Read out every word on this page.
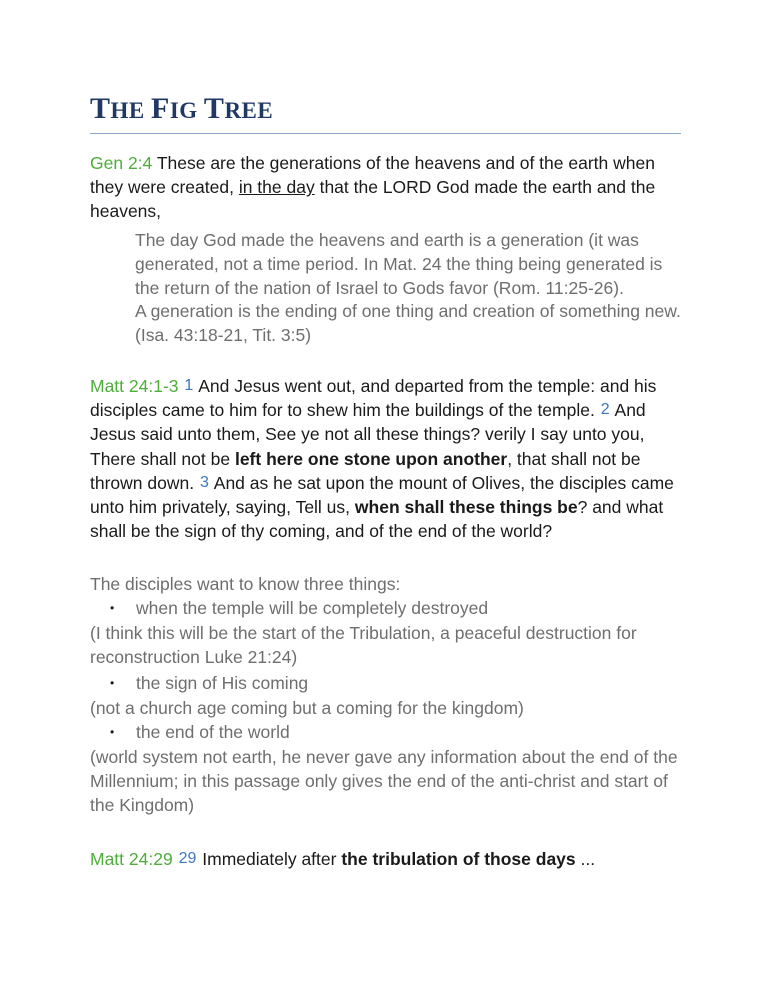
THE FIG TREE

Gen 2:4 These are the generations of the heavens and of the earth when they were created, in the day that the LORD God made the earth and the heavens,

The day God made the heavens and earth is a generation (it was generated, not a time period. In Mat. 24 the thing being generated is the return of the nation of Israel to Gods favor (Rom. 11:25-26).

A generation is the ending of one thing and creation of something new. (Isa. 43:18-21, Tit. 3:5)

Matt 24:1-3 1 And Jesus went out, and departed from the temple: and his disciples came to him for to shew him the buildings of the temple. 2 And Jesus said unto them, See ye not all these things? verily I say unto you, There shall not be left here one stone upon another, that shall not be thrown down. 3 And as he sat upon the mount of Olives, the disciples came unto him privately, saying, Tell us, when shall these things be? and what shall be the sign of thy coming, and of the end of the world?

The disciples want to know three things:

• when the temple will be completely destroyed

(I think this will be the start of the Tribulation, a peaceful destruction for reconstruction Luke 21:24)

• the sign of His coming

(not a church age coming but a coming for the kingdom)

• the end of the world

(world system not earth, he never gave any information about the end of the Millennium; in this passage only gives the end of the anti-christ and start of the Kingdom)

Matt 24:29 29 Immediately after the tribulation of those days ...
